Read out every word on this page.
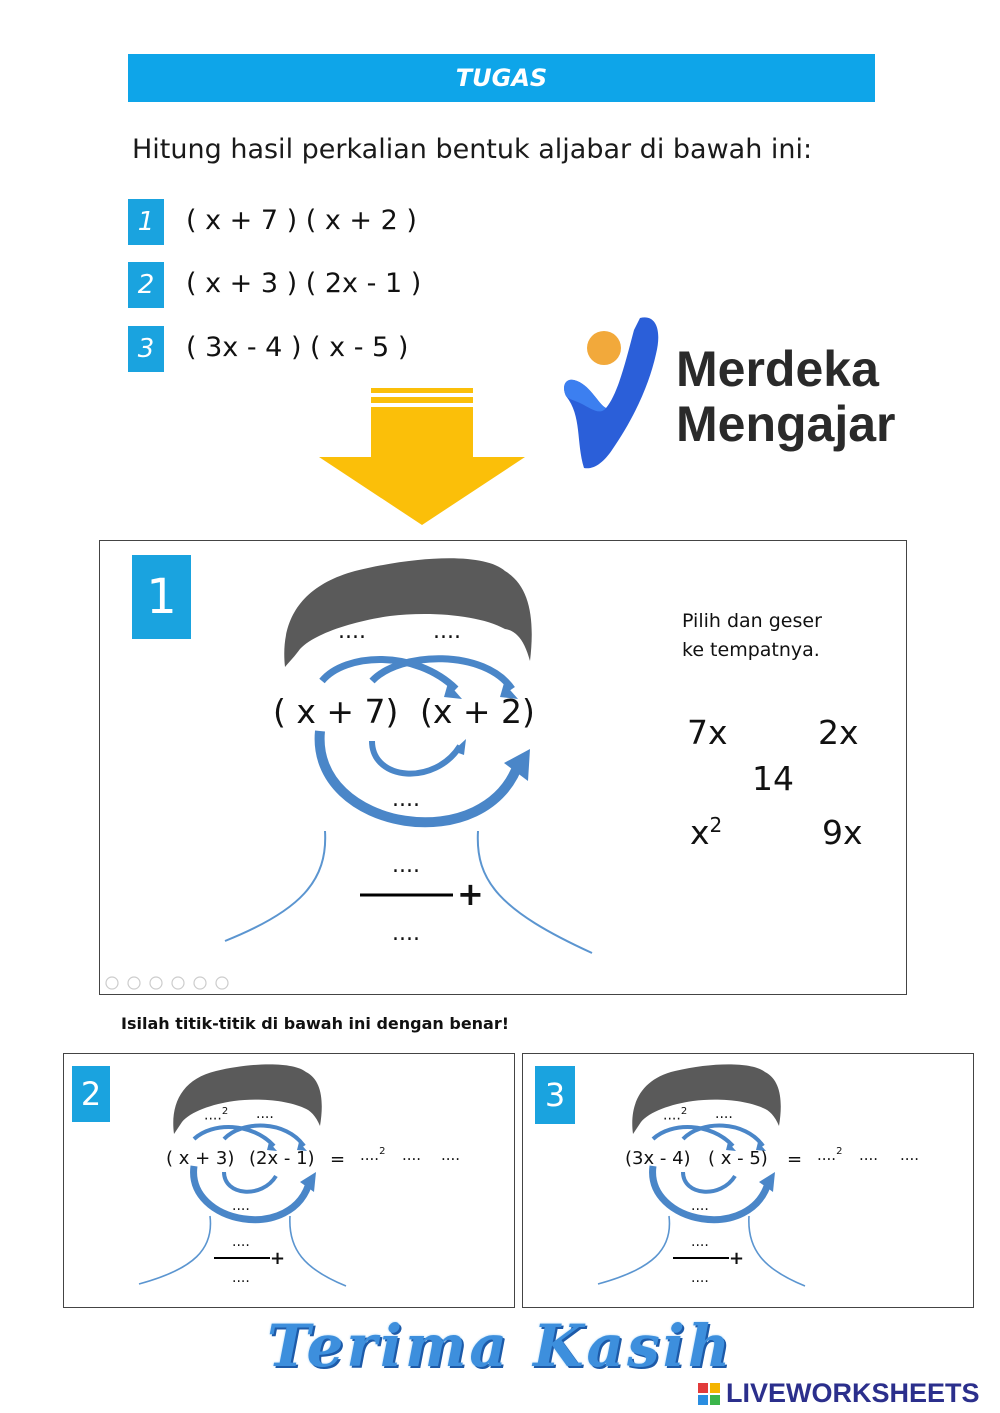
TUGAS
Hitung hasil perkalian bentuk aljabar di bawah ini:
1	( x + 7 ) ( x + 2 )
2	( x + 3 ) ( 2x - 1 )
3	( 3x - 4 ) ( x - 5 )	Merdeka
Mengajar
1
....	....
( x + 7) (x + 2)
....
....
+
....
Pilih dan geser
ke tempatnya.
7x	2x
14
$x^2$	9x
Isilah titik-titik di bawah ini dengan benar!
2
....$^2$ ....
( x + 3) (2x - 1) = ....$^2$ .... ....
....
....
+
....
3
....$^2$ ....
(3x - 4) ( x - 5) = ....$^2$ .... ....
....
....
+
....
Terima Kasih
LIVEWORKSHEETS
